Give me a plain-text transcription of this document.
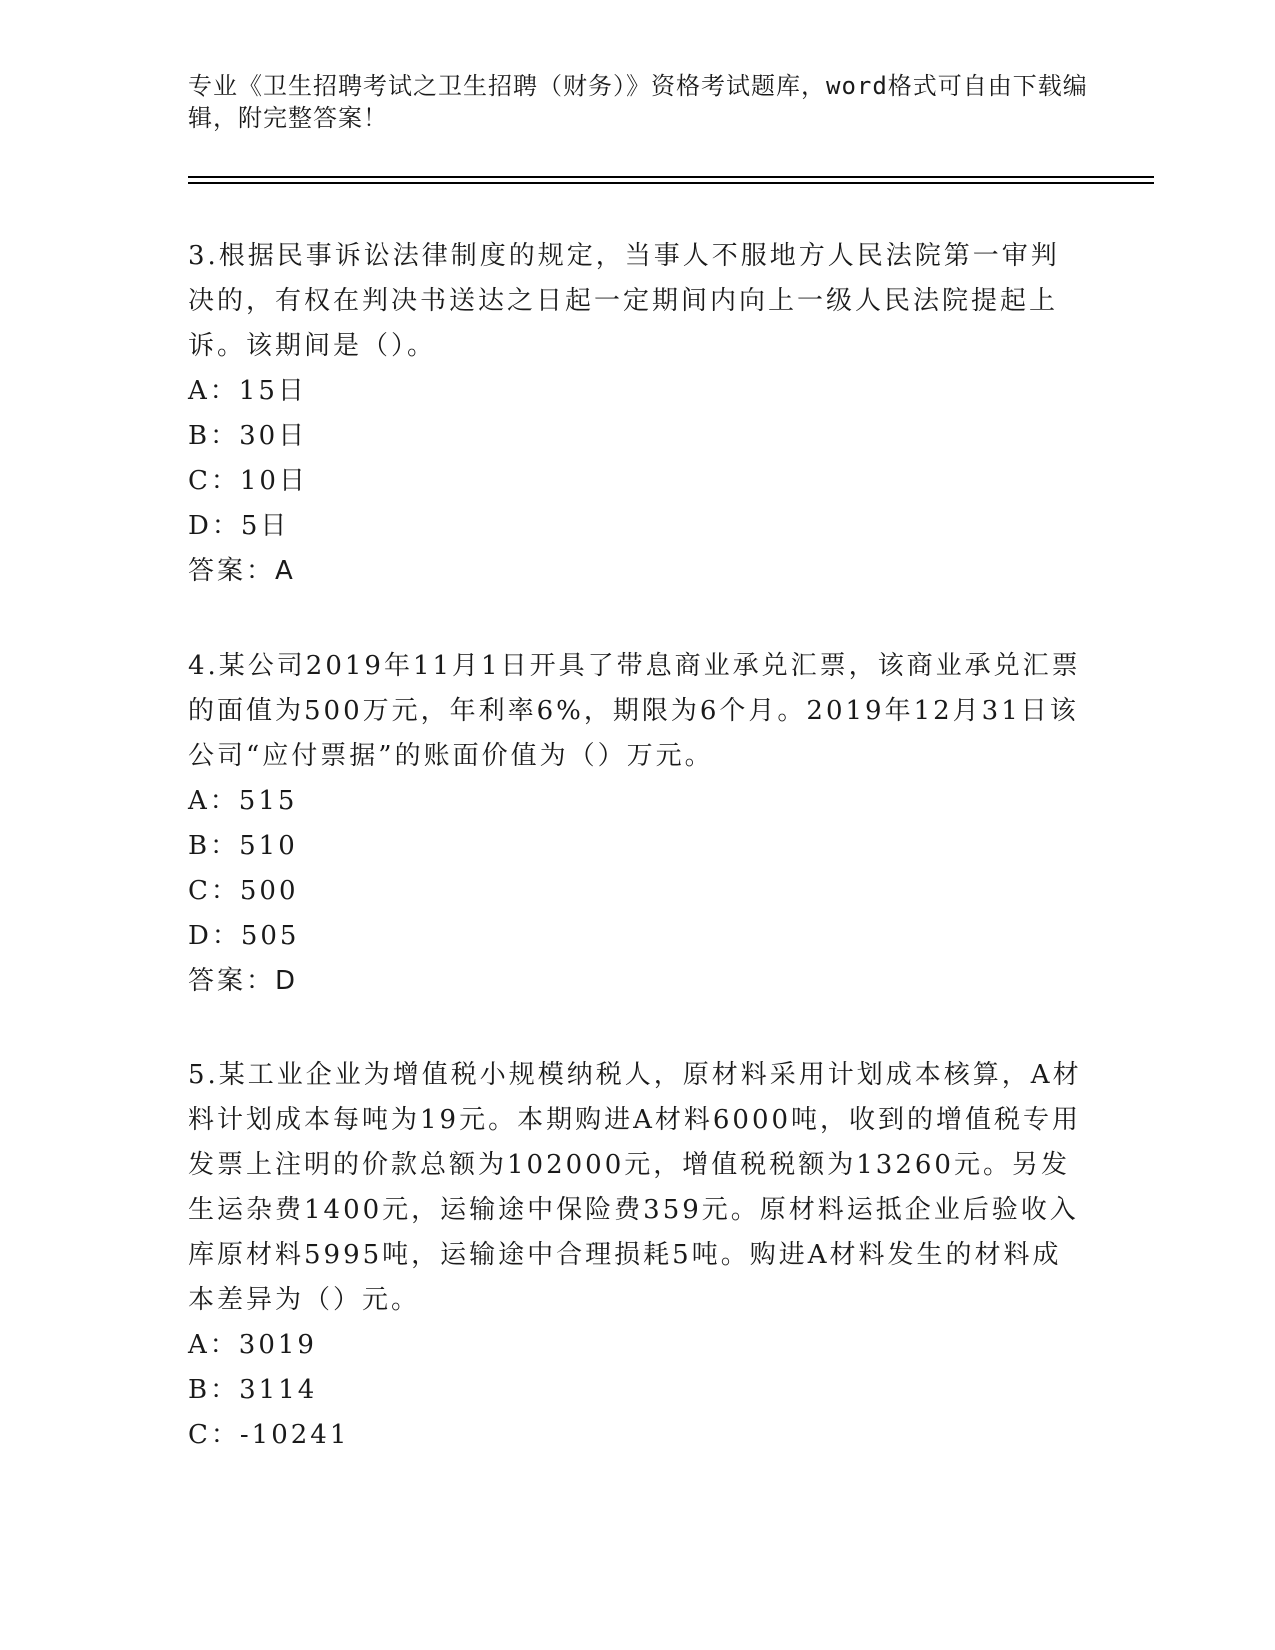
专业《卫生招聘考试之卫生招聘（财务）》资格考试题库，word格式可自由下载编辑，附完整答案！

3.根据民事诉讼法律制度的规定，当事人不服地方人民法院第一审判决的，有权在判决书送达之日起一定期间内向上一级人民法院提起上诉。该期间是（）。

A：15日
B：30日
C：10日
D：5日
答案：A

4.某公司2019年11月1日开具了带息商业承兑汇票，该商业承兑汇票的面值为500万元，年利率6%，期限为6个月。2019年12月31日该公司“应付票据”的账面价值为（）万元。

A：515
B：510
C：500
D：505
答案：D

5.某工业企业为增值税小规模纳税人，原材料采用计划成本核算，A材料计划成本每吨为19元。本期购进A材料6000吨，收到的增值税专用发票上注明的价款总额为102000元，增值税税额为13260元。另发生运杂费1400元，运输途中保险费359元。原材料运抵企业后验收入库原材料5995吨，运输途中合理损耗5吨。购进A材料发生的材料成本差异为（）元。

A：3019
B：3114
C：-10241
